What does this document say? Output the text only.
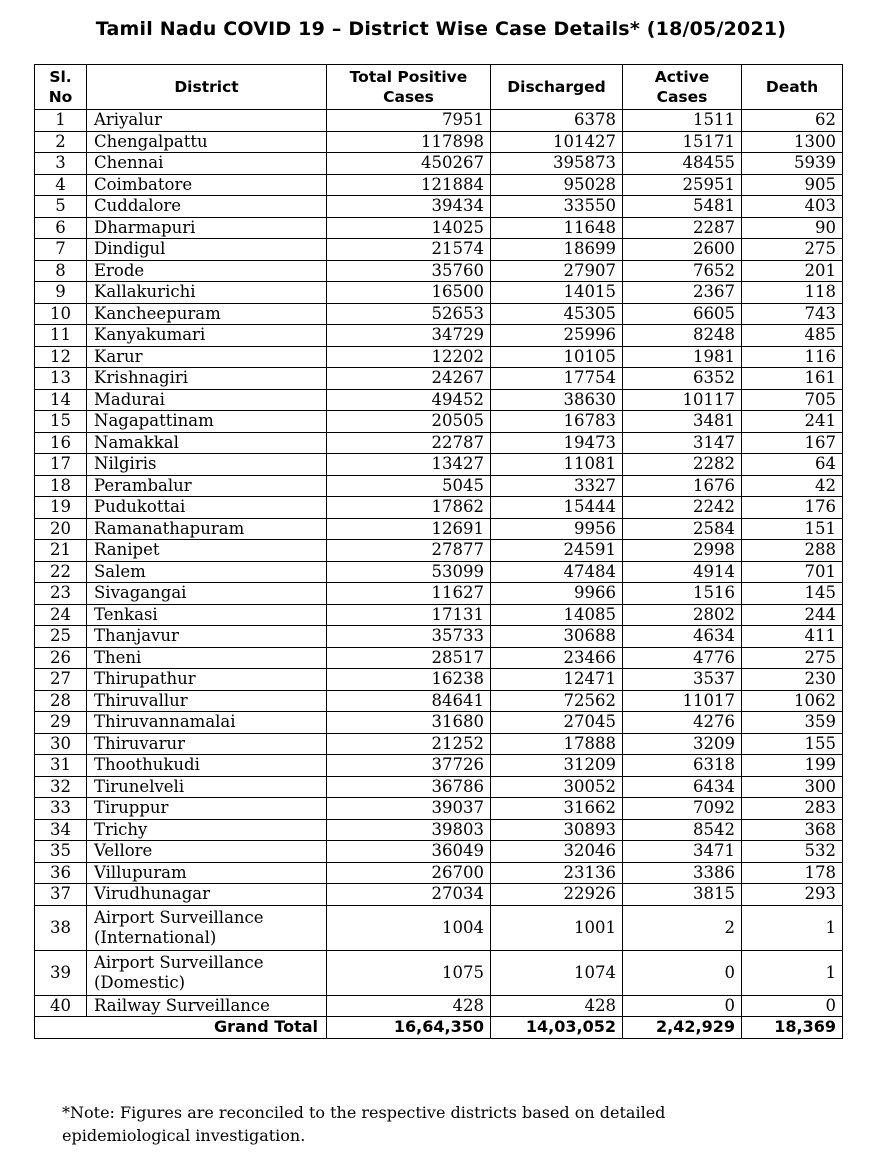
Tamil Nadu COVID 19 – District Wise Case Details* (18/05/2021)
Sl. No	District	Total Positive Cases	Discharged	Active Cases	Death
1	Ariyalur	7951	6378	1511	62
2	Chengalpattu	117898	101427	15171	1300
3	Chennai	450267	395873	48455	5939
4	Coimbatore	121884	95028	25951	905
5	Cuddalore	39434	33550	5481	403
6	Dharmapuri	14025	11648	2287	90
7	Dindigul	21574	18699	2600	275
8	Erode	35760	27907	7652	201
9	Kallakurichi	16500	14015	2367	118
10	Kancheepuram	52653	45305	6605	743
11	Kanyakumari	34729	25996	8248	485
12	Karur	12202	10105	1981	116
13	Krishnagiri	24267	17754	6352	161
14	Madurai	49452	38630	10117	705
15	Nagapattinam	20505	16783	3481	241
16	Namakkal	22787	19473	3147	167
17	Nilgiris	13427	11081	2282	64
18	Perambalur	5045	3327	1676	42
19	Pudukottai	17862	15444	2242	176
20	Ramanathapuram	12691	9956	2584	151
21	Ranipet	27877	24591	2998	288
22	Salem	53099	47484	4914	701
23	Sivagangai	11627	9966	1516	145
24	Tenkasi	17131	14085	2802	244
25	Thanjavur	35733	30688	4634	411
26	Theni	28517	23466	4776	275
27	Thirupathur	16238	12471	3537	230
28	Thiruvallur	84641	72562	11017	1062
29	Thiruvannamalai	31680	27045	4276	359
30	Thiruvarur	21252	17888	3209	155
31	Thoothukudi	37726	31209	6318	199
32	Tirunelveli	36786	30052	6434	300
33	Tiruppur	39037	31662	7092	283
34	Trichy	39803	30893	8542	368
35	Vellore	36049	32046	3471	532
36	Villupuram	26700	23136	3386	178
37	Virudhunagar	27034	22926	3815	293
38	Airport Surveillance (International)	1004	1001	2	1
39	Airport Surveillance (Domestic)	1075	1074	0	1
40	Railway Surveillance	428	428	0	0
Grand Total		16,64,350	14,03,052	2,42,929	18,369
*Note: Figures are reconciled to the respective districts based on detailed epidemiological investigation.
